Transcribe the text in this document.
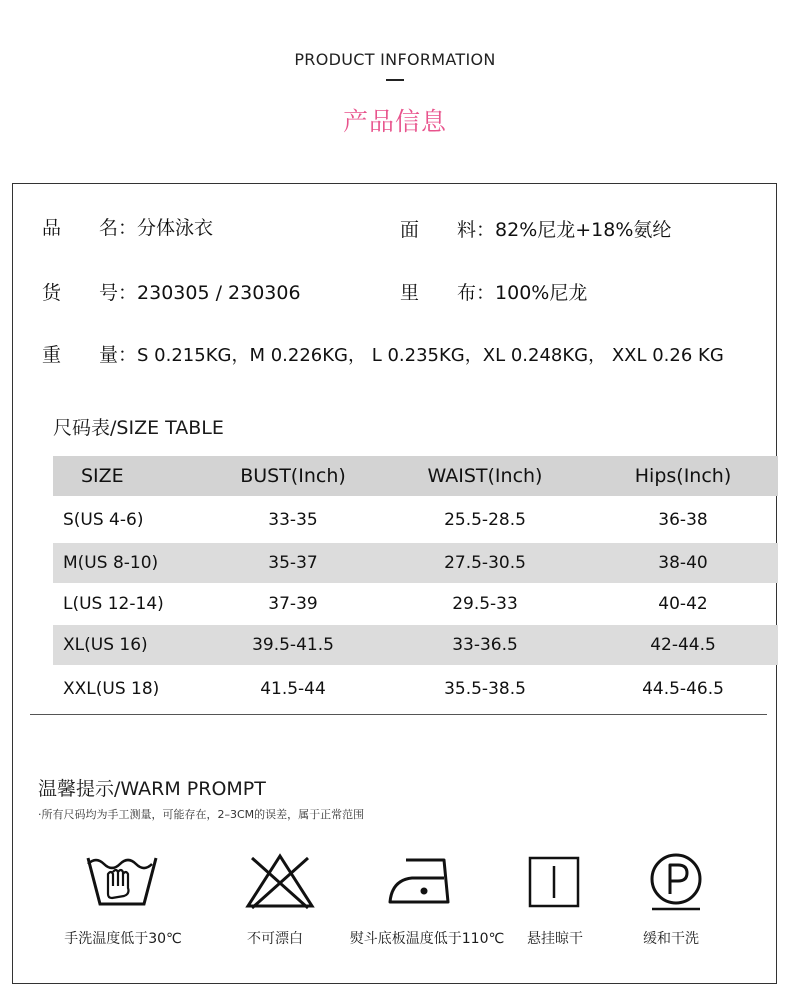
PRODUCT INFORMATION
产品信息
品　　名：分体泳衣	面　　料：82%尼龙+18%氨纶
货　　号：230305 / 230306	里　　布：100%尼龙
重　　量：S 0.215KG，M 0.226KG， L 0.235KG，XL 0.248KG， XXL 0.26 KG
尺码表/SIZE TABLE
SIZE	BUST(Inch)	WAIST(Inch)	Hips(Inch)
S(US 4-6)	33-35	25.5-28.5	36-38
M(US 8-10)	35-37	27.5-30.5	38-40
L(US 12-14)	37-39	29.5-33	40-42
XL(US 16)	39.5-41.5	33-36.5	42-44.5
XXL(US 18)	41.5-44	35.5-38.5	44.5-46.5
温馨提示/WARM PROMPT
·所有尺码均为手工测量，可能存在，2–3CM的误差，属于正常范围
手洗温度低于30℃	不可漂白	熨斗底板温度低于110℃	悬挂晾干	缓和干洗
